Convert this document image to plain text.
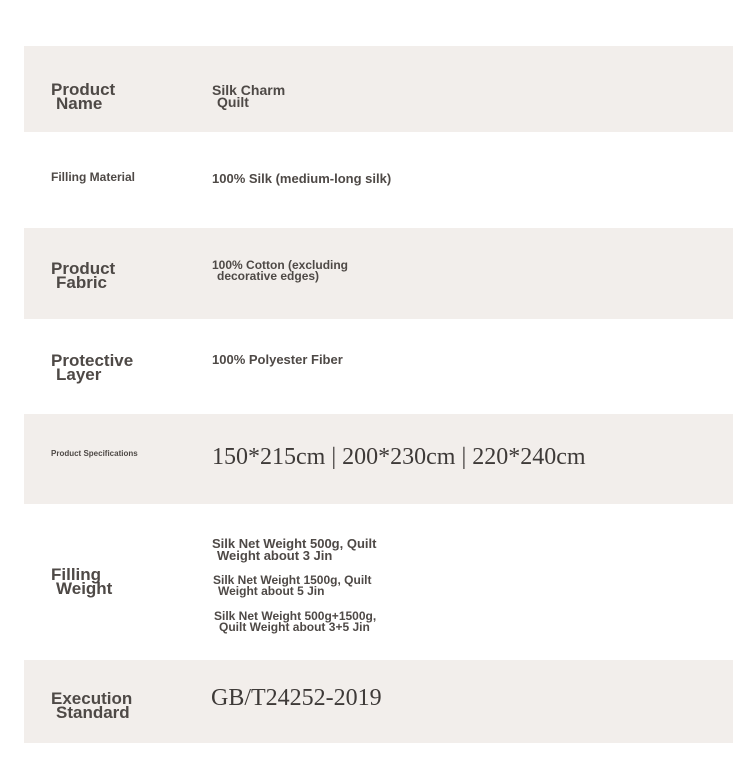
Product
Name
Silk Charm
Quilt
Filling Material	100% Silk (medium-long silk)
Product
Fabric
100% Cotton (excluding
decorative edges)
Protective
Layer
100% Polyester Fiber
Product Specifications	150*215cm | 200*230cm | 220*240cm
Filling
Weight
Silk Net Weight 500g, Quilt
Weight about 3 Jin
Silk Net Weight 1500g, Quilt
Weight about 5 Jin
Silk Net Weight 500g+1500g,
Quilt Weight about 3+5 Jin
Execution
Standard
GB/T24252-2019
